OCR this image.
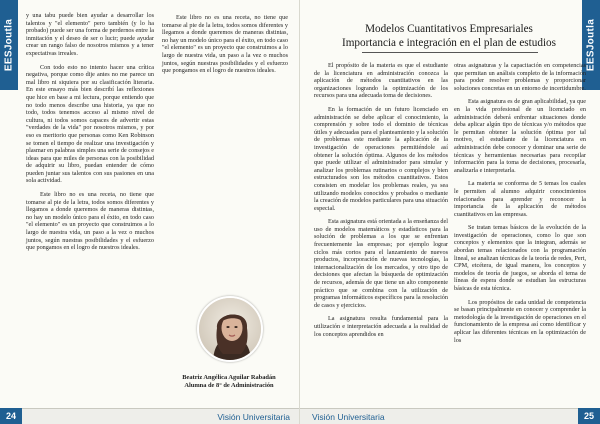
EESJoutla

y una tabu puede bien ayudar a desarrollar los talentos y "el elemento" pero también (y lo ha probado) puede ser una forma de perdernos entre la inmitación y el deseo de ser o lucir; puede ayudar crear un rango falso de nosotros mismos y a tener expectativas irreales.

Con todo esto no intento hacer una crítica negativa, porque como dije antes no me parece un mal libro ni siquiera por su clasificación literaria. En este ensayo más bien describí las reflexiones que hice en base a mi lectura, porque entiendo que no todo menos describe una historia, ya que no todo, todos tenemos acceso al mismo nivel de cultura, ni todos somos capaces de advertir estas "verdades de la vida" por nosotros mismos, y por eso es meritorio que personas como Ken Robinson se tomen el tiempo de realizar una investigación y plasmar en palabras simples una serie de consejos e ideas para que miles de personas con la posibilidad de adquirir su libro, puedan entender de cómo pueden juntar sus talentos con sus pasiones en una sola actividad.

Este libro no es una receta, no tiene que tomarse al pie de la letra, todos somos diferentes y llegamos a donde queremos de maneras distintas, no hay un modelo único para el éxito, en todo caso "el elemento" es un proyecto que construimos a lo largo de nuestra vida, un paso a la vez o muchos juntos, según nuestras posibilidades y el esfuerzo que pongamos en el logro de nuestros ideales.

Este libro no es una receta, no tiene que tomarse al pie de la letra, todos somos diferentes y llegamos a donde queremos de maneras distintas, no hay un modelo único para el éxito, en todo caso "el elemento" es un proyecto que construimos a lo largo de nuestra vida, un paso a la vez o muchos juntos, según nuestras posibilidades y el esfuerzo que pongamos en el logro de nuestros ideales.

Beatriz Angélica Aguilar Rabadán
Alumna de 8° de Administración
24	Visión Universitaria
EESJoutla
Modelos Cuantitativos Empresariales
Importancia e integración en el plan de estudios

El propósito de la materia es que el estudiante de la licenciatura en administración conozca la aplicación de métodos cuantitativos en las organizaciones logrando la optimización de los recursos para una adecuada toma de decisiones.

En la formación de un futuro licenciado en administración se debe aplicar el conocimiento, la comprensión y sobre todo el dominio de técnicas útiles y adecuadas para el planteamiento y la solución de problemas este mediante la aplicación de la investigación de operaciones permitiéndole así obtener la solución óptima. Algunos de los métodos que puede utilizar el administrador para simular y analizar los problemas rutinarios o complejos y bien estructurados son los métodos cuantitativos. Estos consisten en modelar los problemas reales, ya sea utilizando modelos conocidos y probados o mediante la creación de modelos particulares para una situación especial.

Esta asignatura está orientada a la enseñanza del uso de modelos matemáticos y estadísticos para la solución de problemas a los que se enfrentan frecuentemente las empresas; por ejemplo lograr ciclos más cortos para el lanzamiento de nuevos productos, incorporación de nuevas tecnologías, la internacionalización de los mercados, y otro tipo de decisiones que afectan la búsqueda de optimización de recursos, además de que tiene un alto componente práctico que se combina con la utilización de programas informáticos específicos para la resolución de casos y ejercicios.

La asignatura resulta fundamental para la utilización e interpretación adecuada a la realidad de los conceptos aprendidos en

otras asignaturas y la capacitación en competencias que permitan un análisis completo de la información para poder resolver problemas y proporcionar soluciones concretas en un entorno de incertidumbre.

Esta asignatura es de gran aplicabilidad, ya que en la vida profesional de un licenciado en administración deberá enfrentar situaciones donde deba aplicar algún tipo de técnicas y/o métodos que le permitan obtener la solución óptima por tal motivo, el estudiante de la licenciatura en administración debe conocer y dominar una serie de técnicas y herramientas necesarias para recopilar información para la toma de decisiones, procesarla, analizarla e interpretarla.

La materia se conforma de 5 temas los cuales le permiten al alumno adquirir conocimientos relacionados para aprender y reconocer la importancia de la aplicación de métodos cuantitativos en las empresas.

Se tratan temas básicos de la evolución de la investigación de operaciones, como lo que son conceptos y elementos que la integran, además se abordan temas relacionados con la programación lineal, se analizan técnicas de la teoría de redes, Pert, CPM, etcétera, de igual manera, los conceptos y modelos de teoría de juegos, se aborda el tema de líneas de espera donde se estudian las estructuras básicas de esta técnica.

Los propósitos de cada unidad de competencia se basan principalmente en conocer y comprender la metodología de la investigación de operaciones en el funcionamiento de la empresa así como identificar y aplicar las diferentes técnicas en la optimización de los

Visión Universitaria	25
